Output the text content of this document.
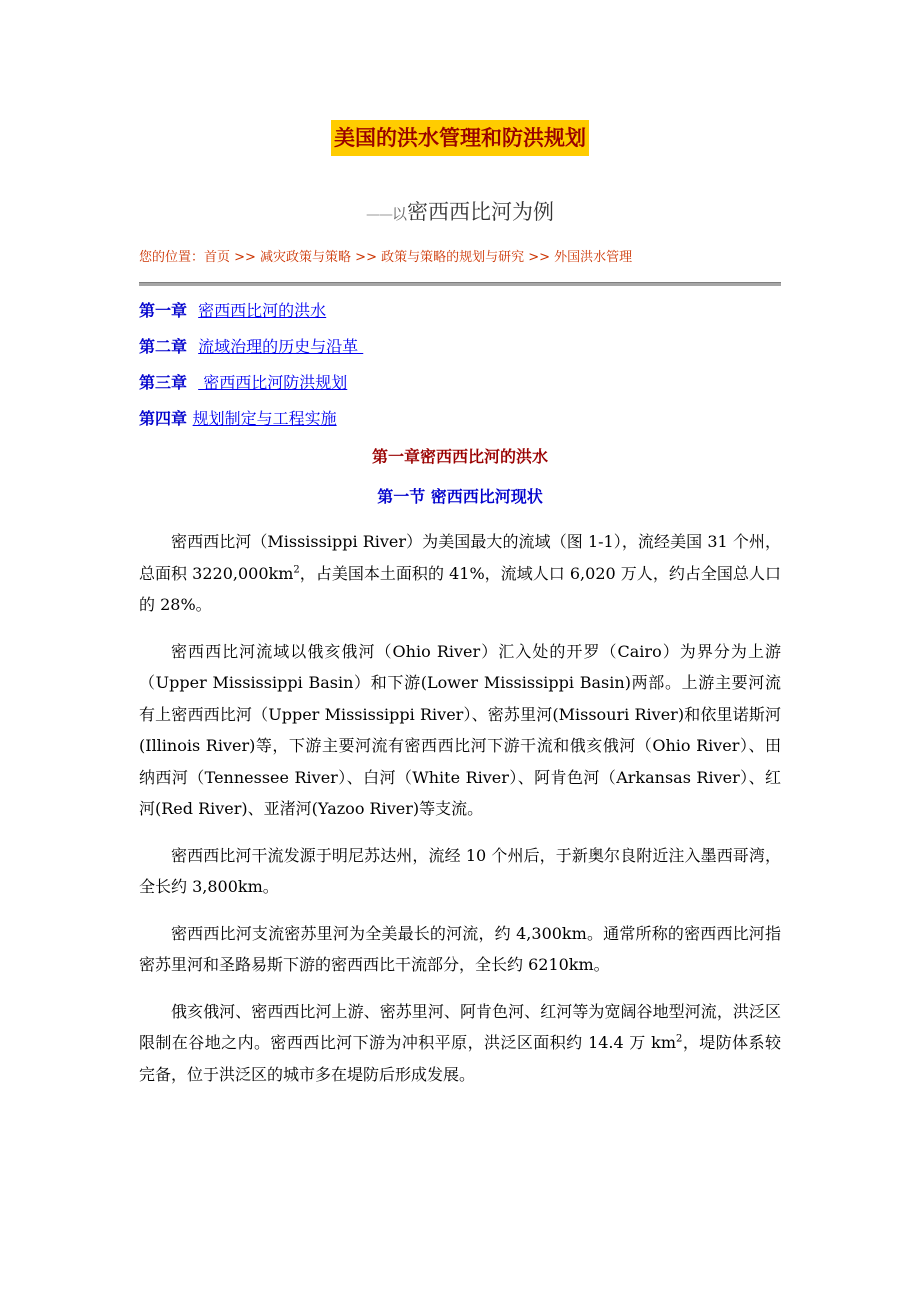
美国的洪水管理和防洪规划
——以密西西比河为例
您的位置：首页 >> 减灾政策与策略 >> 政策与策略的规划与研究 >> 外国洪水管理
第一章 密西西比河的洪水
第二章 流域治理的历史与沿革
第三章   密西西比河防洪规划
第四章 规划制定与工程实施
第一章密西西比河的洪水
第一节 密西西比河现状

密西西比河（Mississippi River）为美国最大的流域（图 1-1），流经美国 31 个州，总面积 $3220,000km^2$，占美国本土面积的 41%，流域人口 6,020 万人，约占全国总人口的 28%。

密西西比河流域以俄亥俄河（Ohio River）汇入处的开罗（Cairo）为界分为上游（Upper Mississippi Basin）和下游(Lower Mississippi Basin)两部。上游主要河流有上密西西比河（Upper Mississippi River）、密苏里河(Missouri River)和依里诺斯河(Illinois River)等，下游主要河流有密西西比河下游干流和俄亥俄河（Ohio River）、田纳西河（Tennessee River）、白河（White River）、阿肯色河（Arkansas River）、红河(Red River)、亚渚河(Yazoo River)等支流。

密西西比河干流发源于明尼苏达州，流经 10 个州后，于新奥尔良附近注入墨西哥湾，全长约 3,800km。

密西西比河支流密苏里河为全美最长的河流，约 4,300km。通常所称的密西西比河指密苏里河和圣路易斯下游的密西西比干流部分，全长约 6210km。

俄亥俄河、密西西比河上游、密苏里河、阿肯色河、红河等为宽阔谷地型河流，洪泛区限制在谷地之内。密西西比河下游为冲积平原，洪泛区面积约 14.4 万 $km^2$，堤防体系较完备，位于洪泛区的城市多在堤防后形成发展。
